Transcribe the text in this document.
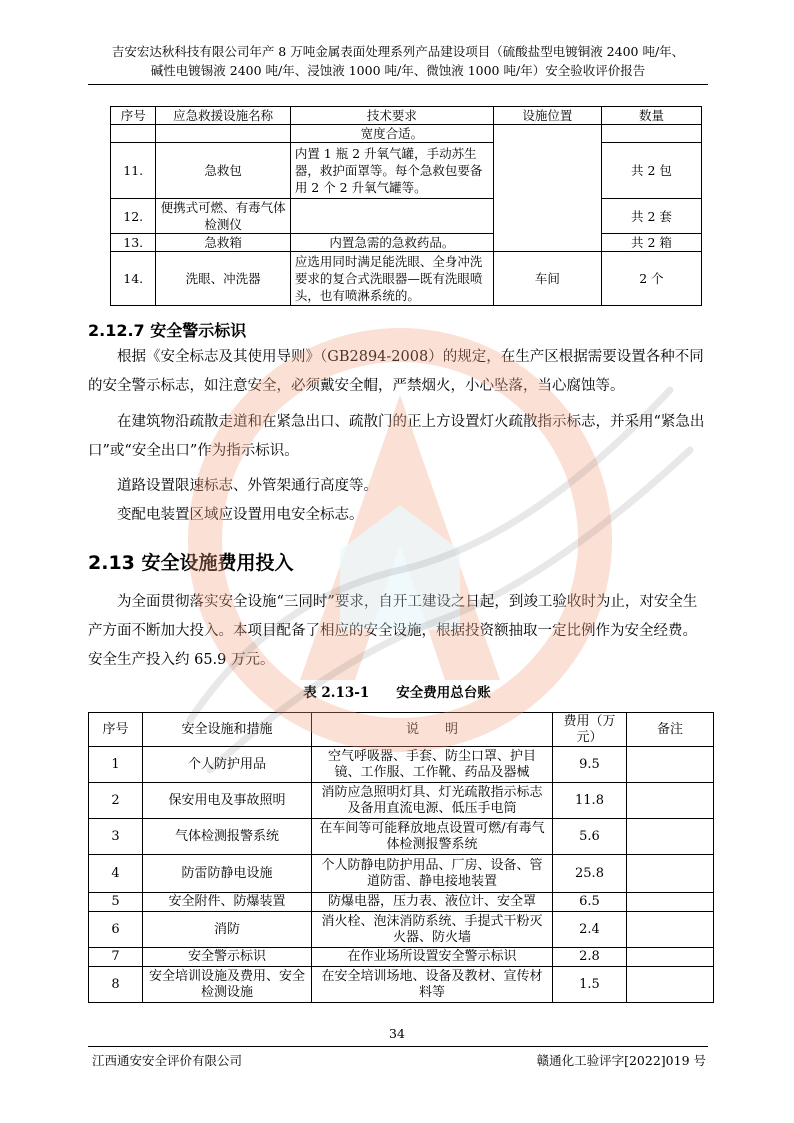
吉安宏达秋科技有限公司年产 8 万吨金属表面处理系列产品建设项目（硫酸盐型电镀铜液 2400 吨/年、
碱性电镀锡液 2400 吨/年、浸蚀液 1000 吨/年、微蚀液 1000 吨/年）安全验收评价报告
序号	应急救援设施名称	技术要求	设施位置	数量
		宽度合适。		
11.	急救包	内置 1 瓶 2 升氧气罐，手动苏生器，救护面罩等。每个急救包要备用 2 个 2 升氧气罐等。		共 2 包
12.	便携式可燃、有毒气体检测仪			共 2 套
13.	急救箱	内置急需的急救药品。		共 2 箱
14.	洗眼、冲洗器	应选用同时满足能洗眼、全身冲洗要求的复合式洗眼器—既有洗眼喷头，也有喷淋系统的。	车间	2 个
2.12.7 安全警示标识

根据《安全标志及其使用导则》（GB2894-2008）的规定，在生产区根据需要设置各种不同的安全警示标志，如注意安全，必须戴安全帽，严禁烟火，小心坠落，当心腐蚀等。

在建筑物沿疏散走道和在紧急出口、疏散门的正上方设置灯火疏散指示标志，并采用“紧急出口”或“安全出口”作为指示标识。

道路设置限速标志、外管架通行高度等。

变配电装置区域应设置用电安全标志。

2.13 安全设施费用投入

为全面贯彻落实安全设施“三同时”要求，自开工建设之日起，到竣工验收时为止，对安全生产方面不断加大投入。本项目配备了相应的安全设施，根据投资额抽取一定比例作为安全经费。安全生产投入约 65.9 万元。

表 2.13-1　　安全费用总台账
序号	安全设施和措施	说　　明	费用（万元）	备注
1	个人防护用品	空气呼吸器、手套、防尘口罩、护目镜、工作服、工作靴、药品及器械	9.5	
2	保安用电及事故照明	消防应急照明灯具、灯光疏散指示标志及备用直流电源、低压手电筒	11.8	
3	气体检测报警系统	在车间等可能释放地点设置可燃/有毒气体检测报警系统	5.6	
4	防雷防静电设施	个人防静电防护用品、厂房、设备、管道防雷、静电接地装置	25.8	
5	安全附件、防爆装置	防爆电器，压力表、液位计、安全罩	6.5	
6	消防	消火栓、泡沫消防系统、手提式干粉灭火器、防火墙	2.4	
7	安全警示标识	在作业场所设置安全警示标识	2.8	
8	安全培训设施及费用、安全检测设施	在安全培训场地、设备及教材、宣传材料等	1.5	
34
江西通安安全评价有限公司	赣通化工验评字[2022]019 号
